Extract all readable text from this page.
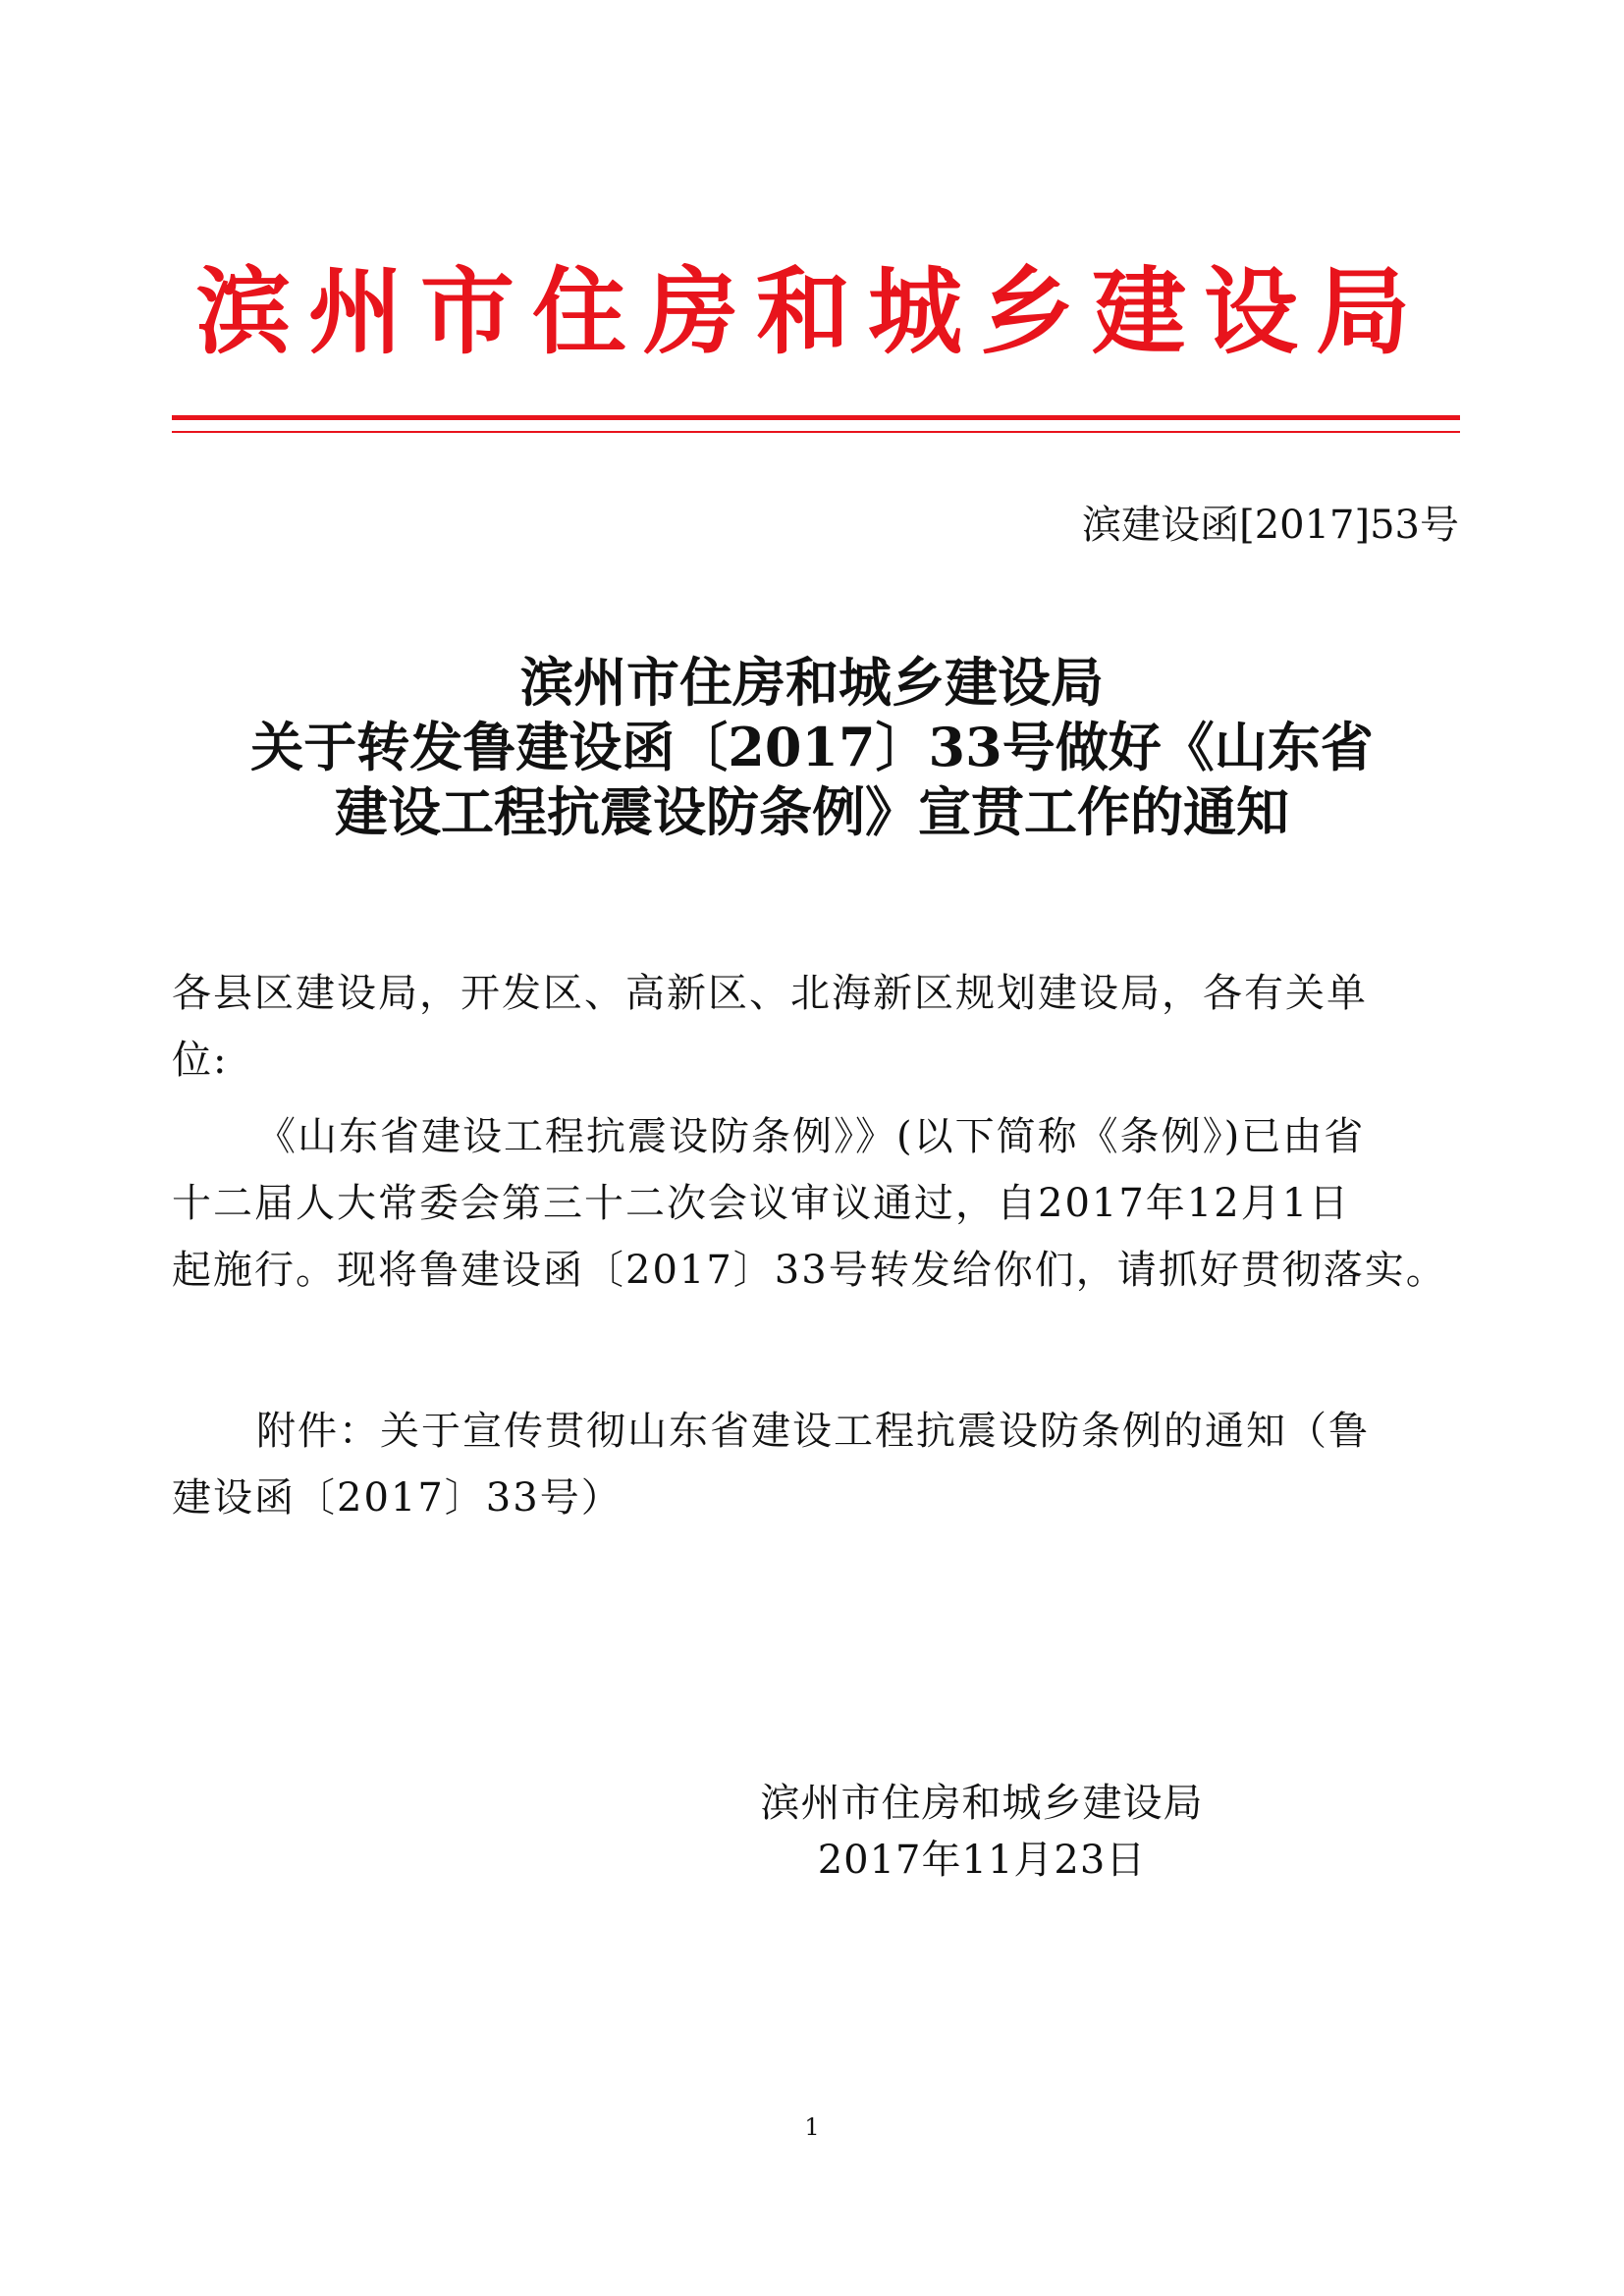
滨州市住房和城乡建设局
滨建设函[2017]53号
滨州市住房和城乡建设局
关于转发鲁建设函〔2017〕33号做好《山东省
建设工程抗震设防条例》宣贯工作的通知
各县区建设局，开发区、高新区、北海新区规划建设局，各有关单
位:
《山东省建设工程抗震设防条例》》(以下简称《条例》)已由省
十二届人大常委会第三十二次会议审议通过，自2017年12月1日
起施行。现将鲁建设函〔2017〕33号转发给你们，请抓好贯彻落实。
附件：关于宣传贯彻山东省建设工程抗震设防条例的通知（鲁
建设函〔2017〕33号）
滨州市住房和城乡建设局
2017年11月23日
1
